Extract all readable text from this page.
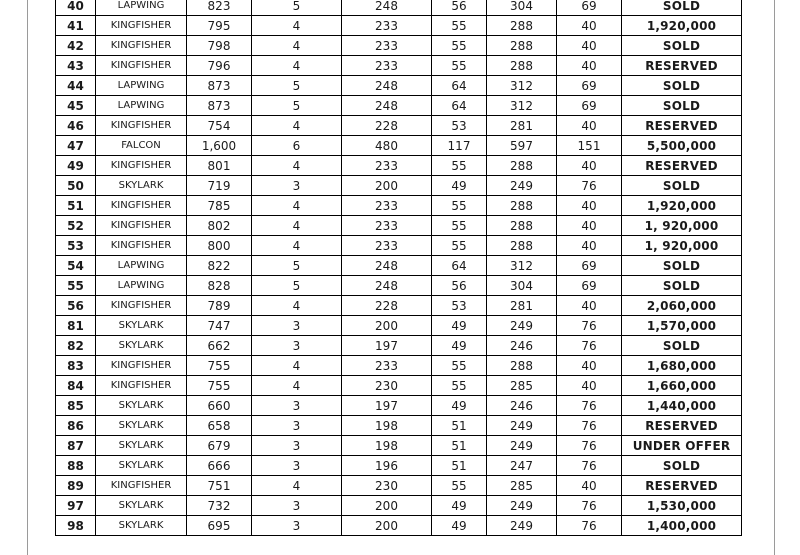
40	LAPWING	823	5	248	56	304	69	SOLD
41	KINGFISHER	795	4	233	55	288	40	1,920,000
42	KINGFISHER	798	4	233	55	288	40	SOLD
43	KINGFISHER	796	4	233	55	288	40	RESERVED
44	LAPWING	873	5	248	64	312	69	SOLD
45	LAPWING	873	5	248	64	312	69	SOLD
46	KINGFISHER	754	4	228	53	281	40	RESERVED
47	FALCON	1,600	6	480	117	597	151	5,500,000
49	KINGFISHER	801	4	233	55	288	40	RESERVED
50	SKYLARK	719	3	200	49	249	76	SOLD
51	KINGFISHER	785	4	233	55	288	40	1,920,000
52	KINGFISHER	802	4	233	55	288	40	1, 920,000
53	KINGFISHER	800	4	233	55	288	40	1, 920,000
54	LAPWING	822	5	248	64	312	69	SOLD
55	LAPWING	828	5	248	56	304	69	SOLD
56	KINGFISHER	789	4	228	53	281	40	2,060,000
81	SKYLARK	747	3	200	49	249	76	1,570,000
82	SKYLARK	662	3	197	49	246	76	SOLD
83	KINGFISHER	755	4	233	55	288	40	1,680,000
84	KINGFISHER	755	4	230	55	285	40	1,660,000
85	SKYLARK	660	3	197	49	246	76	1,440,000
86	SKYLARK	658	3	198	51	249	76	RESERVED
87	SKYLARK	679	3	198	51	249	76	UNDER OFFER
88	SKYLARK	666	3	196	51	247	76	SOLD
89	KINGFISHER	751	4	230	55	285	40	RESERVED
97	SKYLARK	732	3	200	49	249	76	1,530,000
98	SKYLARK	695	3	200	49	249	76	1,400,000
